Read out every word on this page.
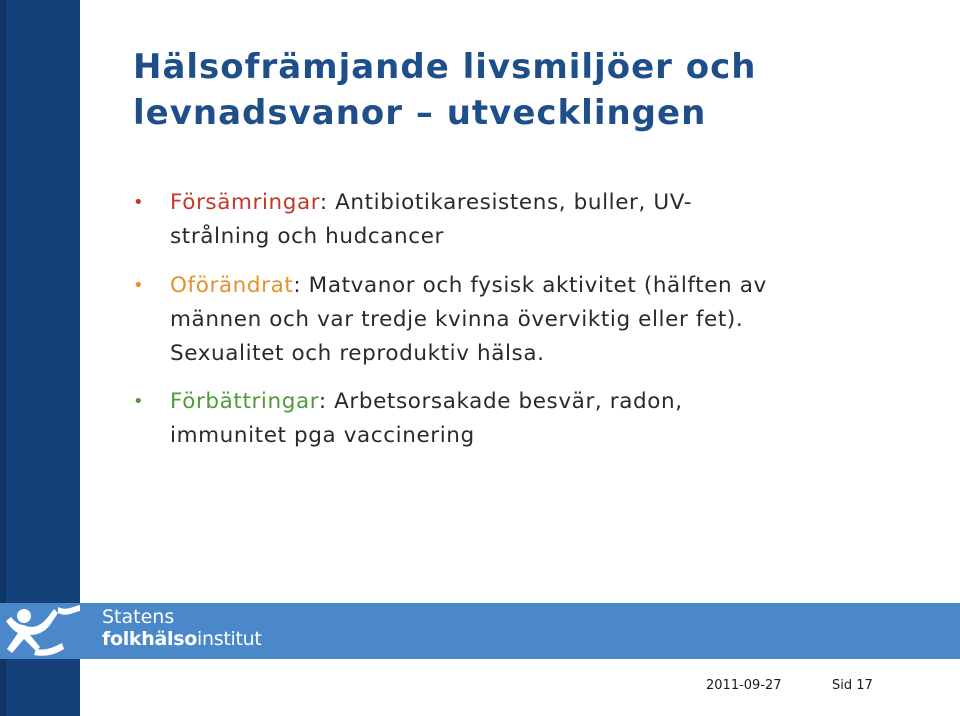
Hälsofrämjande livsmiljöer och
levnadsvanor – utvecklingen
• Försämringar: Antibiotikaresistens, buller, UV-
strålning och hudcancer
• Oförändrat: Matvanor och fysisk aktivitet (hälften av
männen och var tredje kvinna överviktig eller fet).
Sexualitet och reproduktiv hälsa.
• Förbättringar: Arbetsorsakade besvär, radon,
immunitet pga vaccinering
Statens
folkhälsoinstitut
2011-09-27	Sid 17
